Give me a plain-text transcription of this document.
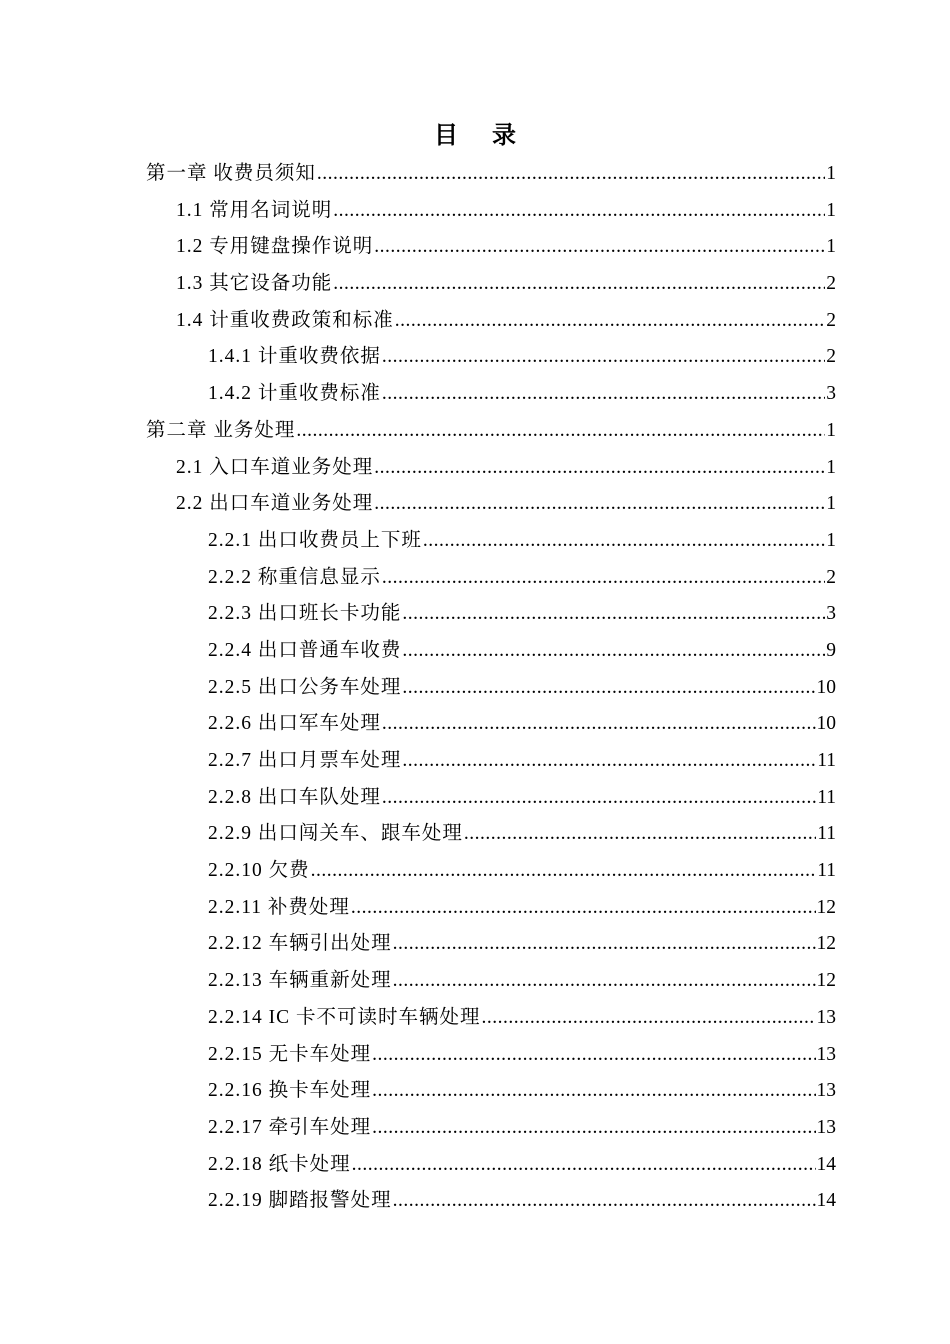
目 录
第一章 收费员须知 .....	1
1.1 常用名词说明 .....	1
1.2 专用键盘操作说明 .....	1
1.3 其它设备功能 .....	2
1.4 计重收费政策和标准 .....	2
1.4.1 计重收费依据 .....	2
1.4.2 计重收费标准 .....	3
第二章 业务处理 .....	1
2.1 入口车道业务处理 .....	1
2.2 出口车道业务处理 .....	1
2.2.1 出口收费员上下班 .....	1
2.2.2 称重信息显示 .....	2
2.2.3 出口班长卡功能 .....	3
2.2.4 出口普通车收费 .....	9
2.2.5 出口公务车处理 .....	10
2.2.6 出口军车处理 .....	10
2.2.7 出口月票车处理 .....	11
2.2.8 出口车队处理 .....	11
2.2.9 出口闯关车、跟车处理 .....	11
2.2.10 欠费 .....	11
2.2.11 补费处理 .....	12
2.2.12 车辆引出处理 .....	12
2.2.13 车辆重新处理 .....	12
2.2.14 IC 卡不可读时车辆处理 .....	13
2.2.15 无卡车处理 .....	13
2.2.16 换卡车处理 .....	13
2.2.17 牵引车处理 .....	13
2.2.18 纸卡处理 .....	14
2.2.19 脚踏报警处理 .....	14
